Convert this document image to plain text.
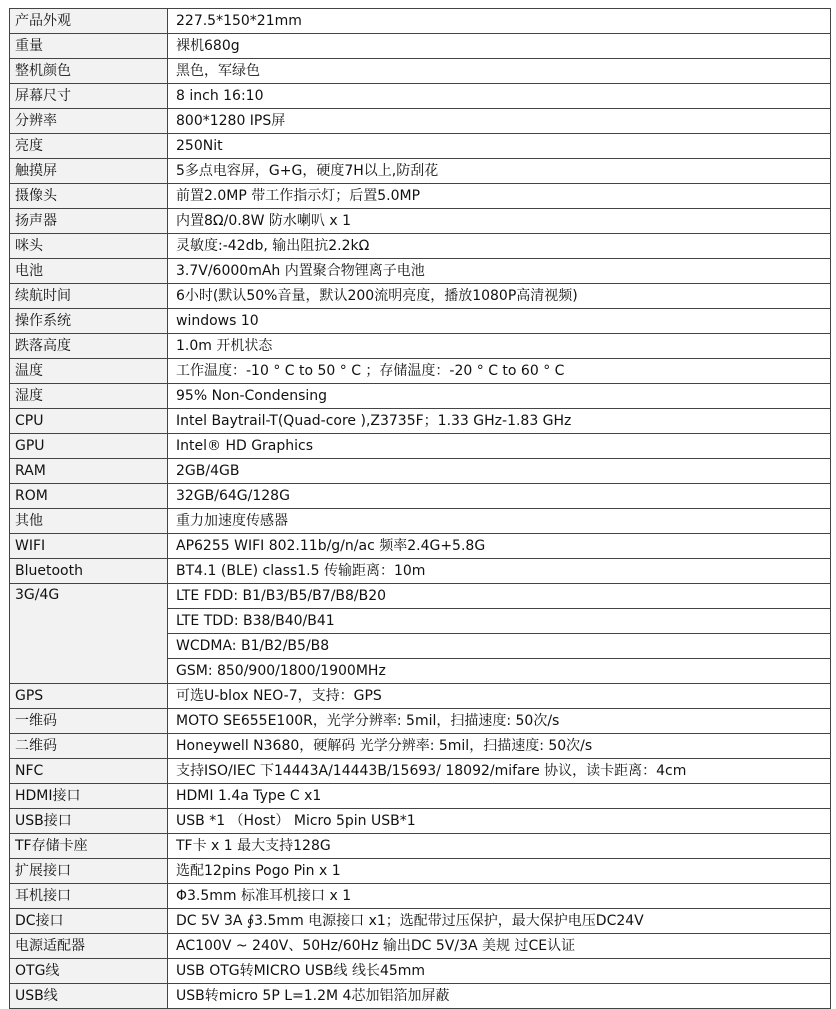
产品外观	227.5*150*21mm
重量	裸机680g
整机颜色	黑色，军绿色
屏幕尺寸	8 inch 16:10
分辨率	800*1280 IPS屏
亮度	250Nit
触摸屏	5多点电容屏，G+G，硬度7H以上,防刮花
摄像头	前置2.0MP 带工作指示灯；后置5.0MP
扬声器	内置8Ω/0.8W 防水喇叭 x 1
咪头	灵敏度:-42db, 输出阻抗2.2kΩ
电池	3.7V/6000mAh 内置聚合物锂离子电池
续航时间	6小时(默认50%音量，默认200流明亮度，播放1080P高清视频)
操作系统	windows 10
跌落高度	1.0m 开机状态
温度	工作温度：-10 ° C to 50 ° C ；存储温度：-20 ° C to 60 ° C
湿度	95% Non-Condensing
CPU	Intel Baytrail-T(Quad-core ),Z3735F；1.33 GHz-1.83 GHz
GPU	Intel® HD Graphics
RAM	2GB/4GB
ROM	32GB/64G/128G
其他	重力加速度传感器
WIFI	AP6255 WIFI 802.11b/g/n/ac 频率2.4G+5.8G
Bluetooth	BT4.1 (BLE) class1.5 传输距离：10m
3G/4G	LTE FDD: B1/B3/B5/B7/B8/B20
	LTE TDD: B38/B40/B41
	WCDMA: B1/B2/B5/B8
	GSM: 850/900/1800/1900MHz
GPS	可选U-blox NEO-7，支持：GPS
一维码	MOTO SE655E100R，光学分辨率: 5mil，扫描速度: 50次/s
二维码	Honeywell N3680，硬解码 光学分辨率: 5mil，扫描速度: 50次/s
NFC	支持ISO/IEC 下14443A/14443B/15693/ 18092/mifare 协议，读卡距离：4cm
HDMI接口	HDMI 1.4a Type C x1
USB接口	USB *1 （Host） Micro 5pin USB*1
TF存储卡座	TF卡 x 1 最大支持128G
扩展接口	选配12pins Pogo Pin x 1
耳机接口	Φ3.5mm 标准耳机接口 x 1
DC接口	DC 5V 3A ∮3.5mm 电源接口 x1；选配带过压保护，最大保护电压DC24V
电源适配器	AC100V ~ 240V、50Hz/60Hz 输出DC 5V/3A 美规 过CE认证
OTG线	USB OTG转MICRO USB线 线长45mm
USB线	USB转micro 5P L=1.2M 4芯加铝箔加屏蔽
